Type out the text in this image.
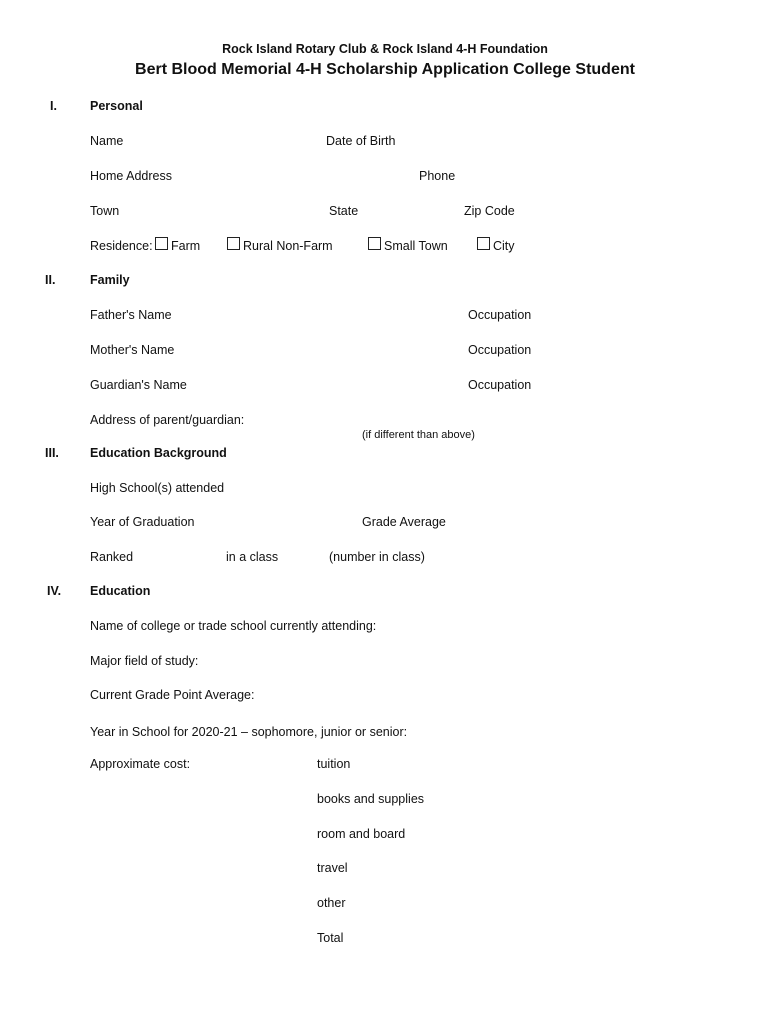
Rock Island Rotary Club & Rock Island 4-H Foundation
Bert Blood Memorial 4-H Scholarship Application College Student
I.	Personal
Name	Date of Birth
Home Address	Phone
Town	State	Zip Code
Residence: Farm	Rural Non-Farm	Small Town	City
II.	Family
Father's Name	Occupation
Mother's Name	Occupation
Guardian's Name	Occupation
Address of parent/guardian:
(if different than above)
III. Education Background
High School(s) attended
Year of Graduation	Grade Average
Ranked	in a class	(number in class)
IV. Education
Name of college or trade school currently attending:
Major field of study:
Current Grade Point Average:
Year in School for 2020-21 – sophomore, junior or senior:
Approximate cost:	tuition
books and supplies
room and board
travel
other
Total
